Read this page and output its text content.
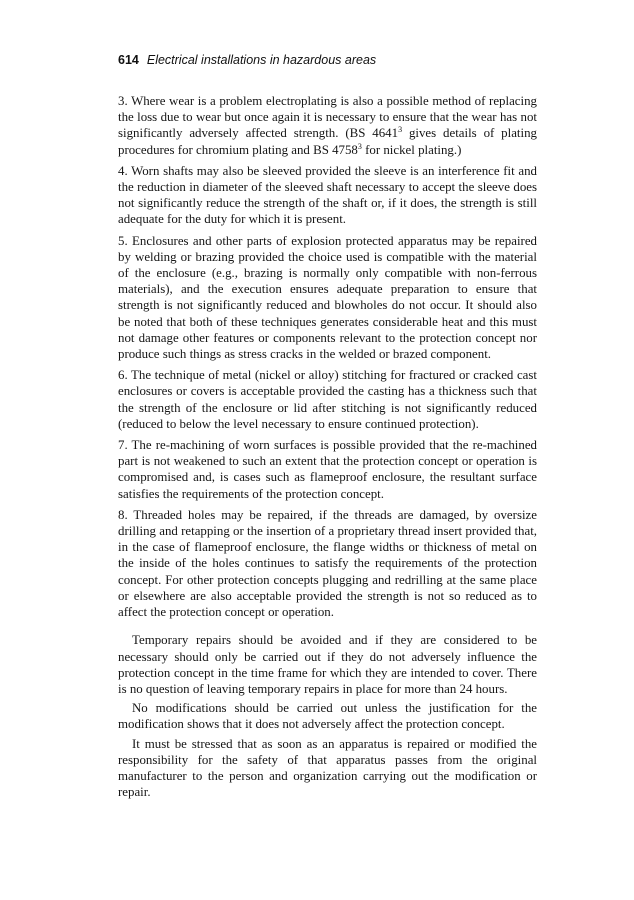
614 Electrical installations in hazardous areas

3. Where wear is a problem electroplating is also a possible method of replacing the loss due to wear but once again it is necessary to ensure that the wear has not significantly adversely affected strength. (BS 4641$^3$ gives details of plating procedures for chromium plating and BS 4758$^3$ for nickel plating.)

4. Worn shafts may also be sleeved provided the sleeve is an interference fit and the reduction in diameter of the sleeved shaft necessary to accept the sleeve does not significantly reduce the strength of the shaft or, if it does, the strength is still adequate for the duty for which it is present.

5. Enclosures and other parts of explosion protected apparatus may be repaired by welding or brazing provided the choice used is compatible with the material of the enclosure (e.g., brazing is normally only compatible with non-ferrous materials), and the execution ensures adequate preparation to ensure that strength is not significantly reduced and blowholes do not occur. It should also be noted that both of these techniques generates considerable heat and this must not damage other features or components relevant to the protection concept nor produce such things as stress cracks in the welded or brazed component.

6. The technique of metal (nickel or alloy) stitching for fractured or cracked cast enclosures or covers is acceptable provided the casting has a thickness such that the strength of the enclosure or lid after stitching is not significantly reduced (reduced to below the level necessary to ensure continued protection).

7. The re-machining of worn surfaces is possible provided that the re-machined part is not weakened to such an extent that the protection concept or operation is compromised and, is cases such as flameproof enclosure, the resultant surface satisfies the requirements of the protection concept.

8. Threaded holes may be repaired, if the threads are damaged, by oversize drilling and retapping or the insertion of a proprietary thread insert provided that, in the case of flameproof enclosure, the flange widths or thickness of metal on the inside of the holes continues to satisfy the requirements of the protection concept. For other protection concepts plugging and redrilling at the same place or elsewhere are also acceptable provided the strength is not so reduced as to affect the protection concept or operation.

Temporary repairs should be avoided and if they are considered to be necessary should only be carried out if they do not adversely influence the protection concept in the time frame for which they are intended to cover. There is no question of leaving temporary repairs in place for more than 24 hours.

No modifications should be carried out unless the justification for the modification shows that it does not adversely affect the protection concept.

It must be stressed that as soon as an apparatus is repaired or modified the responsibility for the safety of that apparatus passes from the original manufacturer to the person and organization carrying out the modification or repair.
